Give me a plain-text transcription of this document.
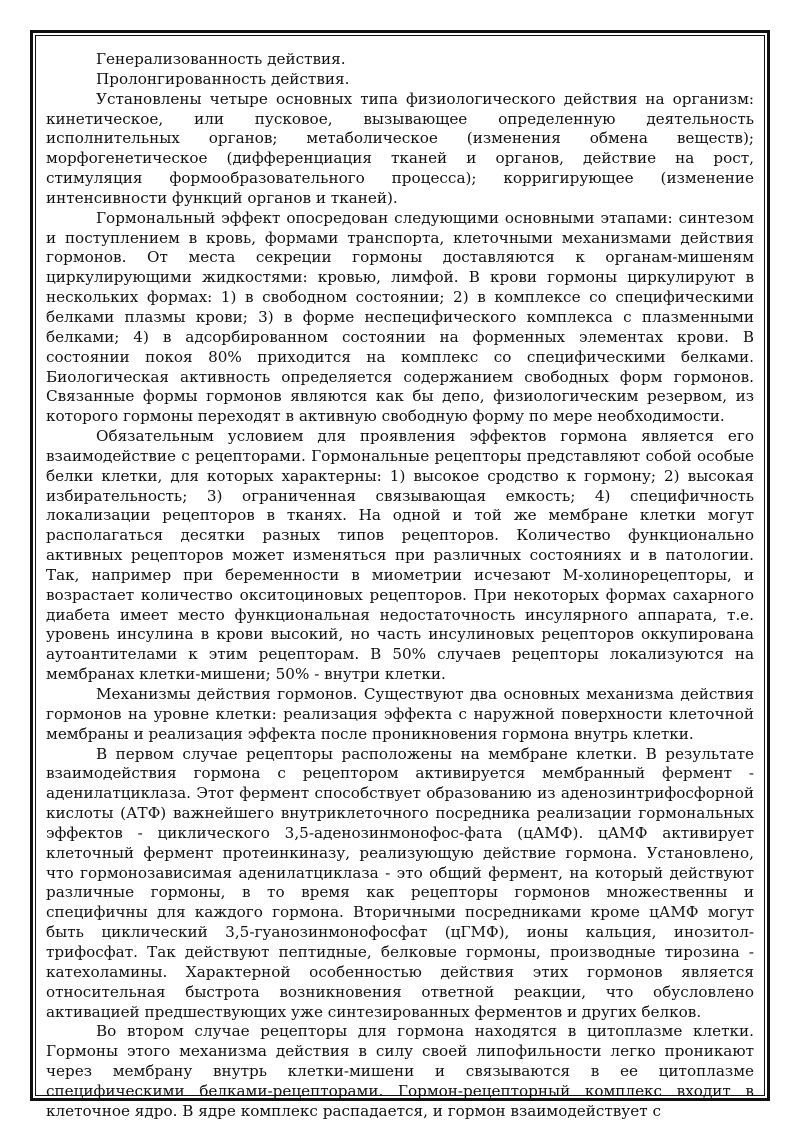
Генерализованность действия.

Пролонгированность действия.

Установлены четыре основных типа физиологического действия на организм: кинетическое, или пусковое, вызывающее определенную деятельность исполнительных органов; метаболическое (изменения обмена веществ); морфогенетическое (дифференциация тканей и органов, действие на рост, стимуляция формообразовательного процесса); корригирующее (изменение интенсивности функций органов и тканей).

Гормональный эффект опосредован следующими основными этапами: синтезом и поступлением в кровь, формами транспорта, клеточными механизмами действия гормонов. От места секреции гормоны доставляются к органам-мишеням циркулирующими жидкостями: кровью, лимфой. В крови гормоны циркулируют в нескольких формах: 1) в свободном состоянии; 2) в комплексе со специфическими белками плазмы крови; 3) в форме неспецифического комплекса с плазменными белками; 4) в адсорбированном состоянии на форменных элементах крови. В состоянии покоя 80% приходится на комплекс со специфическими белками. Биологическая активность определяется содержанием свободных форм гормонов. Связанные формы гормонов являются как бы депо, физиологическим резервом, из которого гормоны переходят в активную свободную форму по мере необходимости.

Обязательным условием для проявления эффектов гормона является его взаимодействие с рецепторами. Гормональные рецепторы представляют собой особые белки клетки, для которых характерны: 1) высокое сродство к гормону; 2) высокая избирательность; 3) ограниченная связывающая емкость; 4) специфичность локализации рецепторов в тканях. На одной и той же мембране клетки могут располагаться десятки разных типов рецепторов. Количество функционально активных рецепторов может изменяться при различных состояниях и в патологии. Так, например при беременности в миометрии исчезают М-холинорецепторы, и возрастает количество окситоциновых рецепторов. При некоторых формах сахарного диабета имеет место функциональная недостаточность инсулярного аппарата, т.е. уровень инсулина в крови высокий, но часть инсулиновых рецепторов оккупирована аутоантителами к этим рецепторам. В 50% случаев рецепторы локализуются на мембранах клетки-мишени; 50% - внутри клетки.

Механизмы действия гормонов. Существуют два основных механизма действия гормонов на уровне клетки: реализация эффекта с наружной поверхности клеточной мембраны и реализация эффекта после проникновения гормона внутрь клетки.

В первом случае рецепторы расположены на мембране клетки. В результате взаимодействия гормона с рецептором активируется мембранный фермент - аденилатциклаза. Этот фермент способствует образованию из аденозинтрифосфорной кислоты (АТФ) важнейшего внутриклеточного посредника реализации гормональных эффектов - циклического 3,5-аденозинмонофос-фата (цАМФ). цАМФ активирует клеточный фермент протеинкиназу, реализующую действие гормона. Установлено, что гормонозависимая аденилатциклаза - это общий фермент, на который действуют различные гормоны, в то время как рецепторы гормонов множественны и специфичны для каждого гормона. Вторичными посредниками кроме цАМФ могут быть циклический 3,5-гуанозинмонофосфат (цГМФ), ионы кальция, инозитол-трифосфат. Так действуют пептидные, белковые гормоны, производные тирозина - катехоламины. Характерной особенностью действия этих гормонов является относительная быстрота возникновения ответной реакции, что обусловлено активацией предшествующих уже синтезированных ферментов и других белков.

Во втором случае рецепторы для гормона находятся в цитоплазме клетки. Гормоны этого механизма действия в силу своей липофильности легко проникают через мембрану внутрь клетки-мишени и связываются в ее цитоплазме специфическими белками-рецепторами. Гормон-рецепторный комплекс входит в клеточное ядро. В ядре комплекс распадается, и гормон взаимодействует с
